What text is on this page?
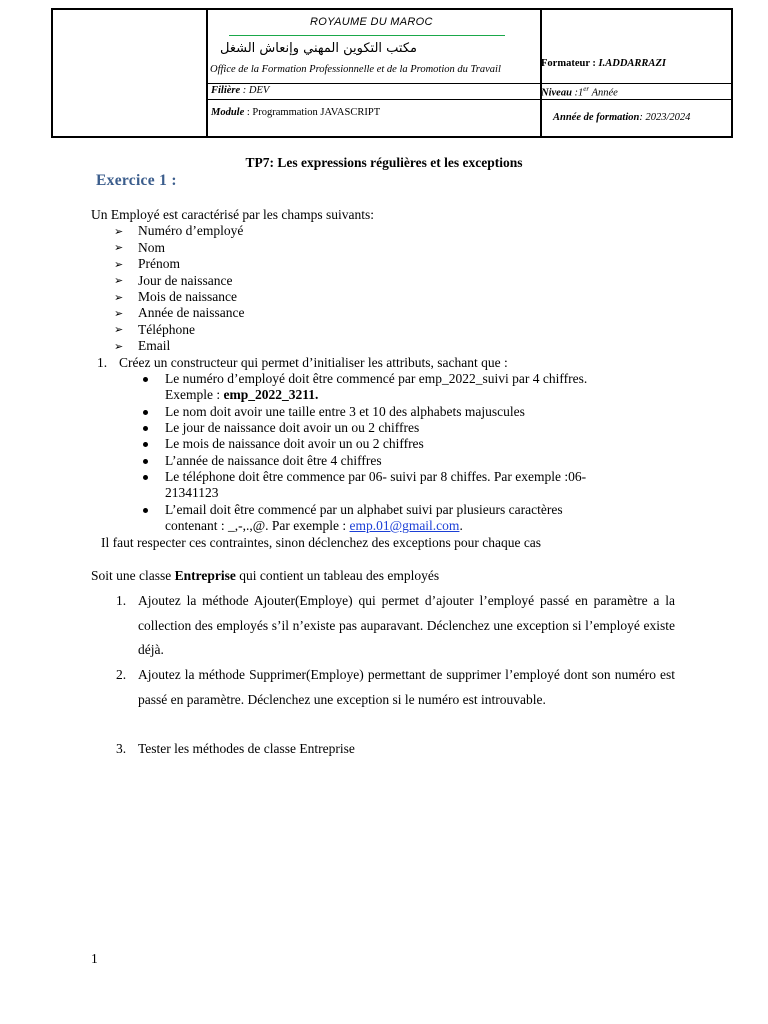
ROYAUME DU MAROC
مكتب التكوين المهني وإنعاش الشغل
Office de la Formation Professionnelle et de la Promotion du Travail
Formateur : I.ADDARRAZI
Filière : DEV	Niveau :1er Année
Module : Programmation JAVASCRIPT	Année de formation: 2023/2024
TP7: Les expressions régulières et les exceptions
Exercice 1 :
Un Employé est caractérisé par les champs suivants:
➢ Numéro d’employé
➢ Nom
➢ Prénom
➢ Jour de naissance
➢ Mois de naissance
➢ Année de naissance
➢ Téléphone
➢ Email
1. Créez un constructeur qui permet d’initialiser les attributs, sachant que :
Le numéro d’employé doit être commencé par emp_2022_suivi par 4 chiffres.
Exemple : emp_2022_3211.
Le nom doit avoir une taille entre 3 et 10 des alphabets majuscules
Le jour de naissance doit avoir un ou 2 chiffres
Le mois de naissance doit avoir un ou 2 chiffres
L’année de naissance doit être 4 chiffres
Le téléphone doit être commence par 06- suivi par 8 chiffes. Par exemple :06-
21341123
L’email doit être commencé par un alphabet suivi par plusieurs caractères
contenant : _,-,.,@. Par exemple : emp.01@gmail.com.
Il faut respecter ces contraintes, sinon déclenchez des exceptions pour chaque cas
Soit une classe Entreprise qui contient un tableau des employés
1. Ajoutez la méthode Ajouter(Employe) qui permet d’ajouter l’employé passé en paramètre a la collection des employés s’il n’existe pas auparavant. Déclenchez une exception si l’employé existe déjà.
2. Ajoutez la méthode Supprimer(Employe) permettant de supprimer l’employé dont son numéro est passé en paramètre. Déclenchez une exception si le numéro est introuvable.
3. Tester les méthodes de classe Entreprise
1
